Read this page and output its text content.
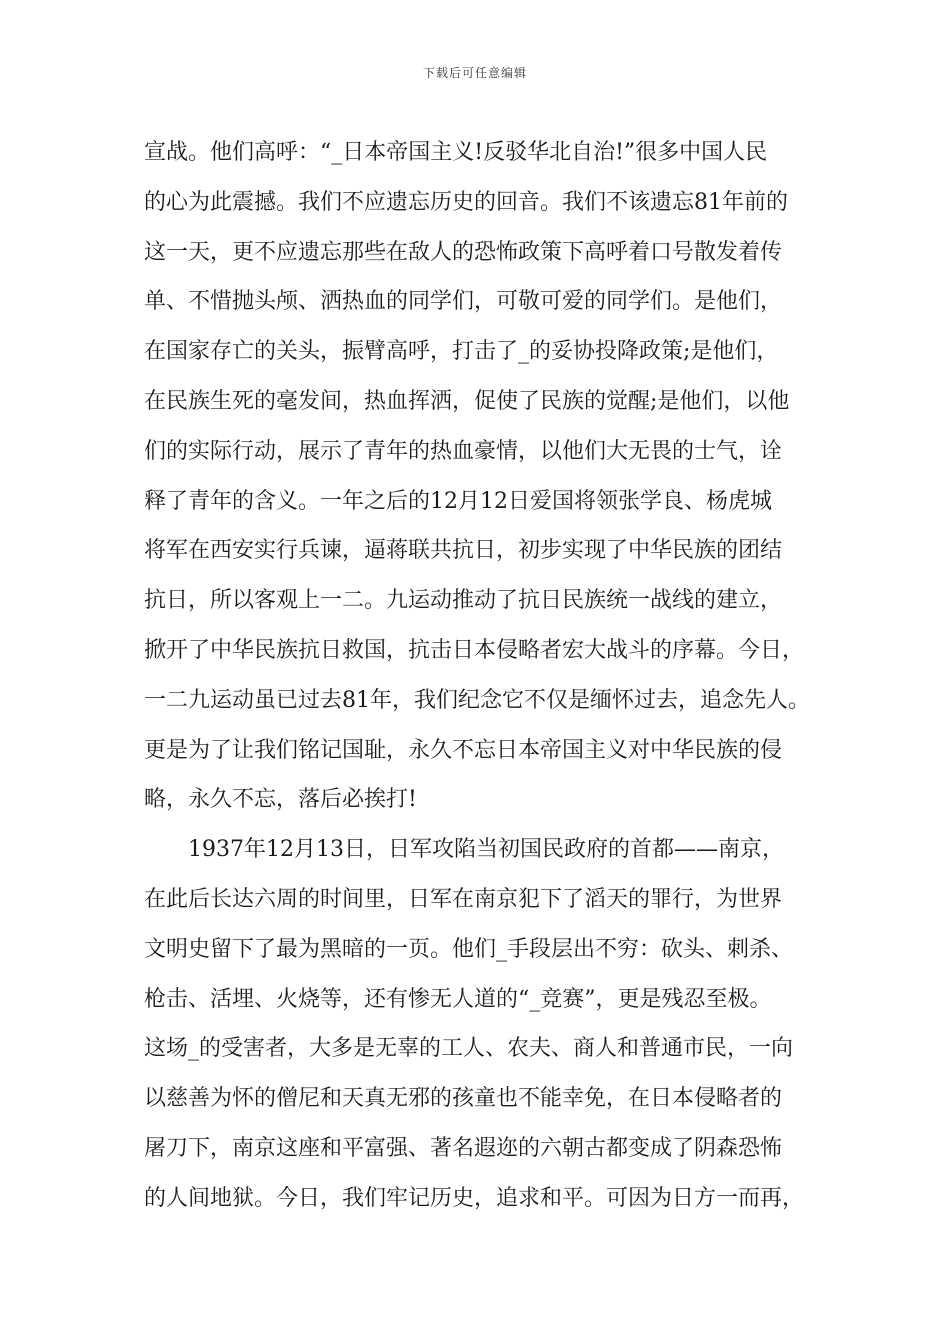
下载后可任意编辑
宣战。他们高呼：“_日本帝国主义!反驳华北自治!”很多中国人民
的心为此震撼。我们不应遗忘历史的回音。我们不该遗忘81年前的
这一天，更不应遗忘那些在敌人的恐怖政策下高呼着口号散发着传
单、不惜抛头颅、洒热血的同学们，可敬可爱的同学们。是他们，
在国家存亡的关头，振臂高呼，打击了_的妥协投降政策;是他们，
在民族生死的毫发间，热血挥洒，促使了民族的觉醒;是他们，以他
们的实际行动，展示了青年的热血豪情，以他们大无畏的士气，诠
释了青年的含义。一年之后的12月12日爱国将领张学良、杨虎城
将军在西安实行兵谏，逼蒋联共抗日，初步实现了中华民族的团结
抗日，所以客观上一二。九运动推动了抗日民族统一战线的建立，
掀开了中华民族抗日救国，抗击日本侵略者宏大战斗的序幕。今日，
一二九运动虽已过去81年，我们纪念它不仅是缅怀过去，追念先人。
更是为了让我们铭记国耻，永久不忘日本帝国主义对中华民族的侵
略，永久不忘，落后必挨打!
1937年12月13日，日军攻陷当初国民政府的首都——南京，
在此后长达六周的时间里，日军在南京犯下了滔天的罪行，为世界
文明史留下了最为黑暗的一页。他们_手段层出不穷：砍头、刺杀、
枪击、活埋、火烧等，还有惨无人道的“_竞赛”，更是残忍至极。
这场_的受害者，大多是无辜的工人、农夫、商人和普通市民，一向
以慈善为怀的僧尼和天真无邪的孩童也不能幸免，在日本侵略者的
屠刀下，南京这座和平富强、著名遐迩的六朝古都变成了阴森恐怖
的人间地狱。今日，我们牢记历史，追求和平。可因为日方一而再，
